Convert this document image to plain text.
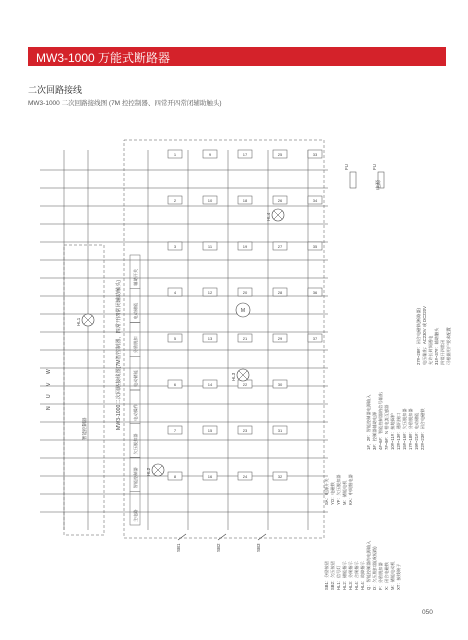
MW3-1000 万能式断路器
二次回路接线
MW3-1000 二次回路接线图 (7M 控控制器、四常开四常闭辅助触头)
主电路
智能控制器
欠压脱扣器
电动操作
电动储能
分励脱扣
电动储能
辅助开关
MW3-1000二次回路接线图(7M智控制器、四常开四常闭辅助触头)
N
U
V
W
1
2
3
4
5
6
7
8
9
10
11
12
13
14
15
16
17
18
19
20
21
22
23
24
25
26
27
28
29
30
31
32
33
34
35
36
37
HL1
HL2
HL3
HL4
M
智能控制器
电源
FU	FU
SB1	SB2	SB3
SB1：分励按钮 SB2：欠压按钮 HL1：信号灯 HL2：储能指示 HL3：分闸指示 HL4：合闸指示 HL4：故障指示 Q：智能控制器的电源输入 D：欠压脱扣器(或短路) F：分励脱扣器 X：闭合电磁铁 M：储能电动机 XT：接线端子
SA：电源开关 YO：电磁铁 YF：欠压脱扣器 M：储能电机 KA：中间继电器
1#、2#：智能控制器电源输入 3#：控制器辅助电源 4#~6#：智能控制器的信号输出 7#~9#：N 相电流互感器 10#~11#：接地保护 12#~13#：通讯接口 15#~16#：欠压脱扣器 17#~18#：分励脱扣器 19#~21#：电动储能 22#~23#：闭合电磁铁
27#~28#：闭合电磁铁(断路器) 电压输出：AC230V 或 DC220V 允许长时间通电 31#~37#：辅助触头 四常开四常闭 可根据用户要求配置
050
